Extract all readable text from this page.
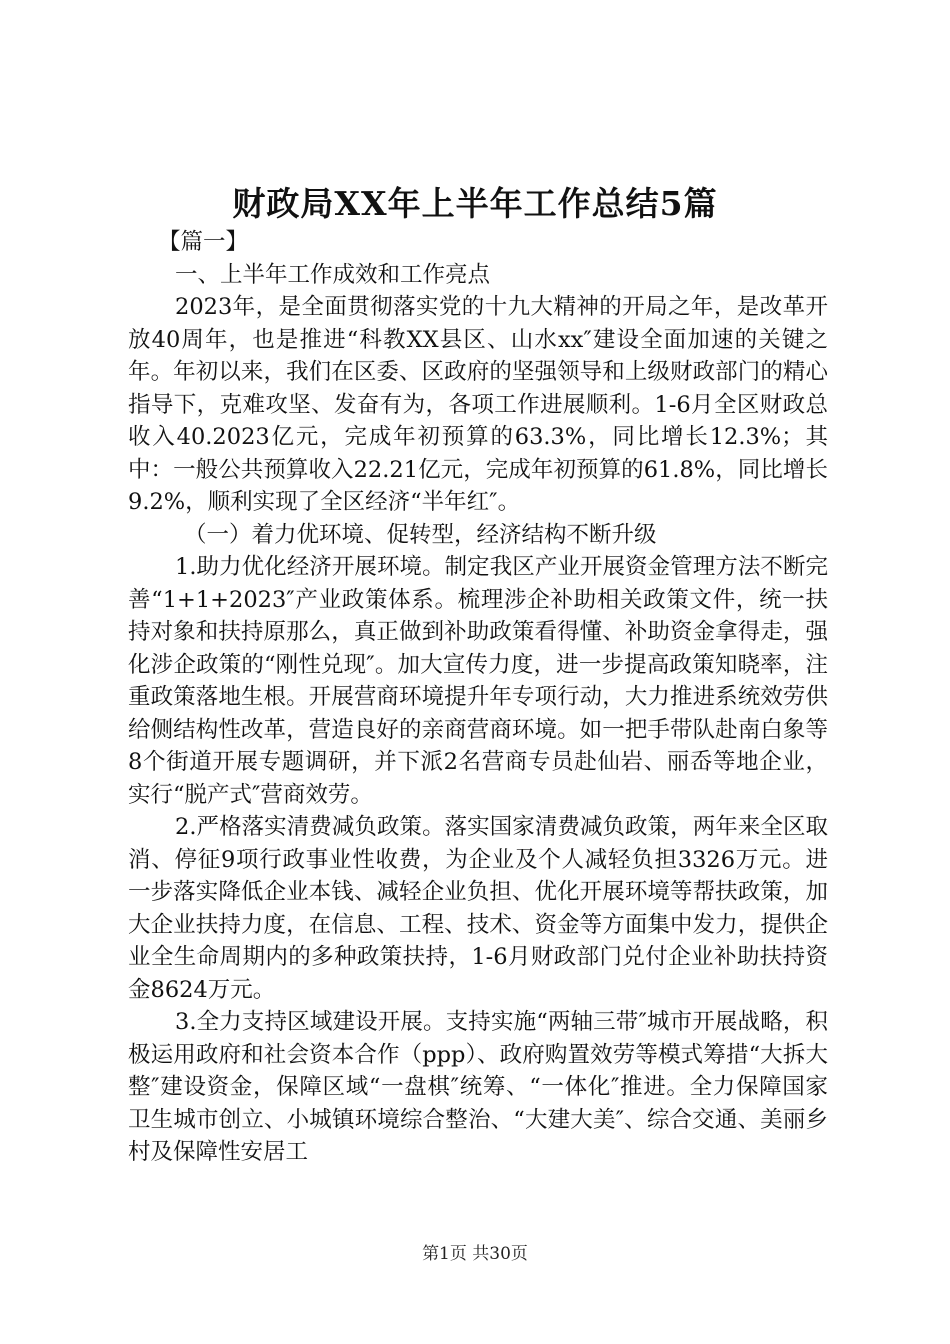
财政局XX年上半年工作总结5篇

【篇一】

一、上半年工作成效和工作亮点

2023年，是全面贯彻落实党的十九大精神的开局之年，是改革开放40周年，也是推进“科教XX县区、山水xx″建设全面加速的关键之年。年初以来，我们在区委、区政府的坚强领导和上级财政部门的精心指导下，克难攻坚、发奋有为，各项工作进展顺利。1-6月全区财政总收入40.2023亿元，完成年初预算的63.3%，同比增长12.3%；其中：一般公共预算收入22.21亿元，完成年初预算的61.8%，同比增长9.2%，顺利实现了全区经济“半年红″。

（一）着力优环境、促转型，经济结构不断升级

1.助力优化经济开展环境。制定我区产业开展资金管理方法不断完善“1+1+2023″产业政策体系。梳理涉企补助相关政策文件，统一扶持对象和扶持原那么，真正做到补助政策看得懂、补助资金拿得走，强化涉企政策的“刚性兑现″。加大宣传力度，进一步提高政策知晓率，注重政策落地生根。开展营商环境提升年专项行动，大力推进系统效劳供给侧结构性改革，营造良好的亲商营商环境。如一把手带队赴南白象等8个街道开展专题调研，并下派2名营商专员赴仙岩、丽岙等地企业，实行“脱产式″营商效劳。

2.严格落实清费减负政策。落实国家清费减负政策，两年来全区取消、停征9项行政事业性收费，为企业及个人减轻负担3326万元。进一步落实降低企业本钱、减轻企业负担、优化开展环境等帮扶政策，加大企业扶持力度，在信息、工程、技术、资金等方面集中发力，提供企业全生命周期内的多种政策扶持，1-6月财政部门兑付企业补助扶持资金8624万元。

3.全力支持区域建设开展。支持实施“两轴三带″城市开展战略，积极运用政府和社会资本合作（ppp）、政府购置效劳等模式筹措“大拆大整″建设资金，保障区域“一盘棋″统筹、“一体化″推进。全力保障国家卫生城市创立、小城镇环境综合整治、“大建大美″、综合交通、美丽乡村及保障性安居工

第1页 共30页
